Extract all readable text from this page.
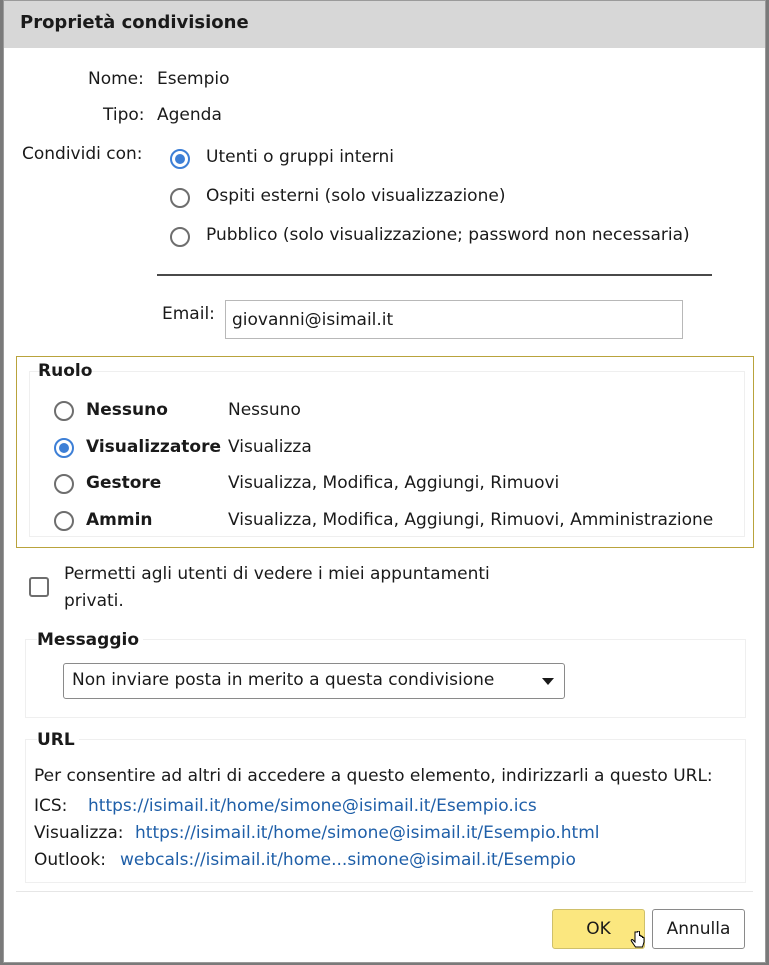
Proprietà condivisione
Nome: Esempio
Tipo: Agenda
Condividi con:	Utenti o gruppi interni
Ospiti esterni (solo visualizzazione)
Pubblico (solo visualizzazione; password non necessaria)
Email:
giovanni@isimail.it
Ruolo
Nessuno	Nessuno
Visualizzatore Visualizza
Gestore	Visualizza, Modifica, Aggiungi, Rimuovi
Ammin	Visualizza, Modifica, Aggiungi, Rimuovi, Amministrazione
Permetti agli utenti di vedere i miei appuntamenti
privati.
Messaggio
Non inviare posta in merito a questa condivisione
URL
Per consentire ad altri di accedere a questo elemento, indirizzarli a questo URL:
ICS: https://isimail.it/home/simone@isimail.it/Esempio.ics
Visualizza: https://isimail.it/home/simone@isimail.it/Esempio.html
Outlook: webcals://isimail.it/home...simone@isimail.it/Esempio
OK	Annulla
